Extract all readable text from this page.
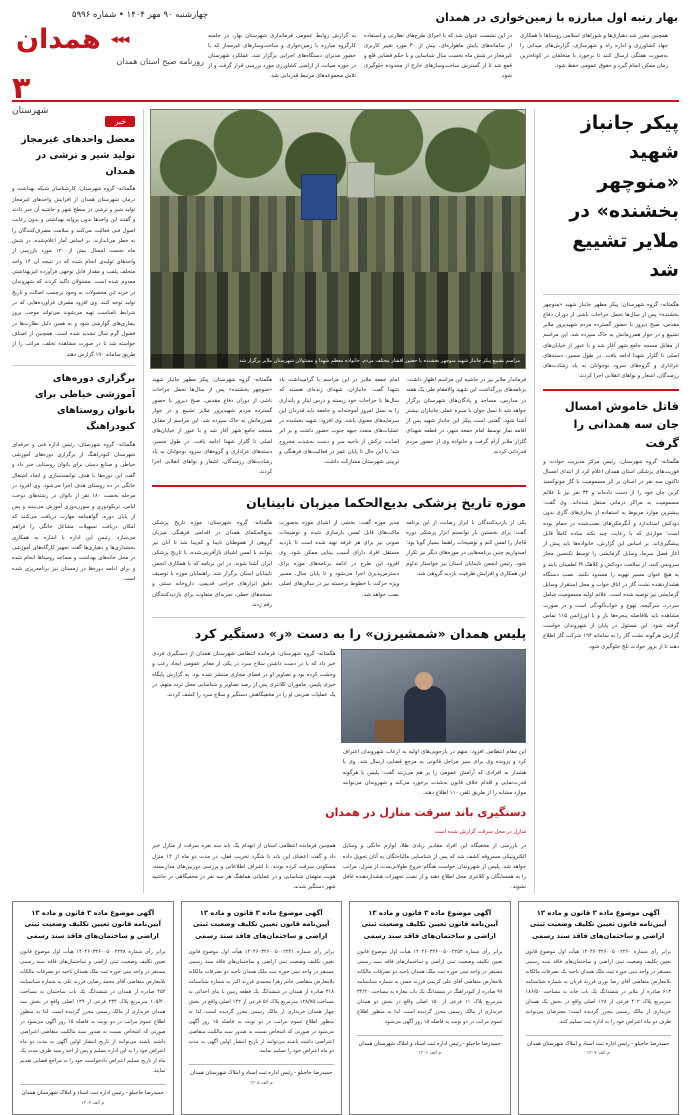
چهارشنبه ۹۰ مهر ۱۴۰۴ • شماره ۵۹۹۶
همدان	◀◀◀
روزنامه صبح استان همدان
۳
شهرستان
بهار رتبه اول مبارزه با زمین‌خواری در همدان
به گزارش روابط عمومی فرمانداری شهرستان بهار، در جلسه کارگروه مبارزه با زمین‌خواری و ساخت‌وسازهای غیرمجاز که با حضور مدیران دستگاه‌های اجرایی برگزار شد، عملکرد شهرستان در حوزه صیانت از اراضی کشاورزی مورد بررسی قرار گرفت و از تلاش مجموعه‌های مرتبط قدردانی شد.
در این نشست عنوان شد که با اجرای طرح‌های نظارتی و استفاده از سامانه‌های پایش ماهواره‌ای، بیش از ۳۰ مورد تغییر کاربری غیرمجاز در شش ماه نخست سال شناسایی و با حکم قضایی قلع و قمع شد تا از گسترش ساخت‌وسازهای خارج از محدوده جلوگیری شود.
همچنین مقرر شد دهیاری‌ها و شوراهای اسلامی روستاها با همکاری جهاد کشاورزی و اداره راه و شهرسازی، گزارش‌های میدانی را به‌صورت هفتگی ارسال کنند تا برخورد با متخلفان در کوتاه‌ترین زمان ممکن انجام گیرد و حقوق عمومی حفظ شود.
خبر
معضل واحدهای غیرمجاز تولید شیر و ترشی در همدان
هگمتانه- گروه شهرستان: کارشناسان شبکه بهداشت و درمان شهرستان همدان از افزایش واحدهای غیرمجاز تولید شیر و ترشی در سطح شهر و حاشیه آن خبر دادند و گفتند این واحدها بدون پروانه بهداشتی و بدون رعایت اصول فنی فعالیت می‌کنند و سلامت مصرف‌کنندگان را به خطر می‌اندازند. بر اساس آمار اعلام‌شده، در شش ماه نخست امسال بیش از ۱۲۰ مورد بازرسی از واحدهای تولیدی انجام شده که در نتیجه آن ۱۴ واحد متخلف پلمب و مقدار قابل توجهی فرآورده غیربهداشتی معدوم شده است. مسئولان تأکید کردند که شهروندان در خرید این محصولات به وجود برچسب اصالت و تاریخ تولید توجه کنند. وی افزود مصرف فرآورده‌هایی که در شرایط نامناسب تهیه می‌شوند می‌تواند موجب بروز بیماری‌های گوارشی شود و به همین دلیل نظارت‌ها در فصول گرم سال تشدید شده است. همچنین از اصناف خواسته شد تا در صورت مشاهده تخلف، مراتب را از طریق سامانه ۱۹۰ گزارش دهند.
برگزاری دوره‌های آموزشی خیاطی برای بانوان روستاهای کبودراهنگ
هگمتانه- گروه شهرستان: رئیس اداره فنی و حرفه‌ای شهرستان کبودراهنگ از برگزاری دوره‌های آموزشی خیاطی و صنایع دستی برای بانوان روستایی خبر داد و گفت این دوره‌ها با هدف توانمندسازی و ایجاد اشتغال خانگی در ده روستای هدف اجرا می‌شود. وی افزود در مرحله نخست ۱۸۰ نفر از بانوان در رشته‌های دوخت لباس، تریکو‌دوزی و سوزن‌دوزی آموزش می‌بینند و پس از پایان دوره، گواهینامه مهارت دریافت می‌کنند که امکان دریافت تسهیلات مشاغل خانگی را فراهم می‌سازد. رئیس این اداره با اشاره به همکاری بخشداری‌ها و دهیاری‌ها گفت تجهیز کارگاه‌های آموزشی در محل خانه‌های بهداشت و مساجد روستاها انجام شده و برای ادامه دوره‌ها در زمستان نیز برنامه‌ریزی شده است.
مراسم تشییع پیکر جانباز شهید منوچهر بخشنده با حضور اقشار مختلف مردم، خانواده معظم شهدا و مسئولان شهرستان ملایر برگزار شد
هگمتانه- گروه شهرستان: پیکر مطهر جانباز شهید «منوچهر بخشنده» پس از سال‌ها تحمل جراحات ناشی از دوران دفاع مقدس، صبح دیروز با حضور گسترده مردم شهیدپرور ملایر تشییع و در جوار همرزمانش به خاک سپرده شد. این مراسم از مقابل مسجد جامع شهر آغاز شد و با عبور از خیابان‌های اصلی تا گلزار شهدا ادامه یافت. در طول مسیر، دسته‌های عزاداری و گروه‌های سرود نوجوانان به یاد رشادت‌های رزمندگان، اشعار و نواهای انقلابی اجرا کردند.
امام جمعه ملایر در این مراسم با گرامیداشت یاد شهدا گفت: جانبازان، شهدای زنده‌ای هستند که سال‌ها با جراحات خود زیسته و درس ایثار و پایداری را به نسل امروز آموخته‌اند و جامعه باید قدردان این سرمایه‌های معنوی باشد. وی افزود: شهید بخشنده در عملیات‌های متعدد جبهه جنوب حضور داشت و بر اثر اصابت ترکش از ناحیه سر و دست به‌شدت مجروح شد؛ با این حال تا پایان عمر در فعالیت‌های فرهنگی و تربیتی شهرستان مشارکت داشت.
فرماندار ملایر نیز در حاشیه این مراسم اظهار داشت: برنامه‌های بزرگداشت این شهید والامقام طی یک هفته در مدارس، مساجد و پادگان‌های شهرستان برگزار خواهد شد تا نسل جوان با سیره عملی جانبازان بیشتر آشنا شود. گفتنی است پیکر این جانباز شهید پس از اقامه نماز توسط امام جمعه شهر، در قطعه شهدای گلزار ملایر آرام گرفت و خانواده وی از حضور مردم قدردانی کردند.
موزه تاریخ پزشکی بدیع‌الحکما میزبان نابینایان
هگمتانه- گروه شهرستان: موزه تاریخ پزشکی بدیع‌الحکمای همدان در اقدامی فرهنگی میزبان گروهی از هموطنان نابینا و کم‌بینا شد تا آنان نیز بتوانند با لمس اشیای بازآفرینی‌شده، با تاریخ پزشکی ایران آشنا شوند. در این برنامه که با همکاری انجمن نابینایان استان برگزار شد، راهنمایان موزه با توصیف دقیق ابزارهای جراحی قدیمی، داروخانه سنتی و نسخه‌های خطی، تجربه‌ای متفاوت برای بازدیدکنندگان رقم زدند.
مدیر موزه گفت: بخشی از اشیای موزه به‌صورت ماکت‌های قابل لمس بازسازی شده و توضیحات صوتی نیز برای هر غرفه تهیه شده است تا بازدید مستقل افراد دارای آسیب بینایی ممکن شود. وی افزود این طرح در ادامه برنامه‌های موزه برای دسترس‌پذیری اجرا می‌شود و تا پایان سال، مسیر ویژه حرکت با خطوط برجسته نیز در سالن‌های اصلی نصب خواهد شد.
یکی از بازدیدکنندگان با ابراز رضایت از این برنامه گفت: برای نخستین بار توانستم ابزار پزشکی دوره قاجار را لمس کنم و توضیحات راهنما بسیار گویا بود؛ امیدواریم چنین برنامه‌هایی در موزه‌های دیگر نیز تکرار شود. رئیس انجمن نابینایان استان نیز خواستار تداوم این همکاری و افزایش ظرفیت بازدید گروهی شد.
پلیس همدان «شمشیرزن» را به دست «ر» دستگیر کرد
هگمتانه- گروه شهرستان: فرمانده انتظامی شهرستان همدان از دستگیری فردی خبر داد که با در دست داشتن سلاح سرد در یکی از معابر عمومی ایجاد رعب و وحشت کرده بود و تصاویر او در فضای مجازی منتشر شده بود. به گزارش پایگاه خبری پلیس، مأموران کلانتری پس از رصد تصاویر و شناسایی محل تردد متهم، در یک عملیات ضربتی او را در مخفیگاهش دستگیر و سلاح سرد را کشف کردند.
این مقام انتظامی افزود: متهم در بازجویی‌های اولیه به ارعاب شهروندان اعتراف کرد و پرونده وی برای سیر مراحل قانونی به مرجع قضایی ارسال شد. وی با هشدار به افرادی که آرامش عمومی را بر هم می‌زنند گفت: پلیس با هرگونه قدرت‌نمایی و اقدام خلاف قانون به‌شدت برخورد می‌کند و شهروندان می‌توانند موارد مشابه را از طریق تلفن ۱۱۰ اطلاع دهند.
دستگیری باند سرقت منازل در همدان
منازل در محل سرقت گزارش شده است
همچنین فرمانده انتظامی استان از انهدام یک باند سه نفره سرقت از منازل خبر داد و گفت اعضای این باند با شگرد تخریب قفل، در مدت دو ماه از ۱۴ منزل مسکونی سرقت کرده بودند. با اشراف اطلاعاتی و بررسی دوربین‌های مداربسته، هویت متهمان شناسایی و در عملیاتی هماهنگ هر سه نفر در مخفیگاهی در حاشیه شهر دستگیر شدند.
در بازرسی از مخفیگاه این افراد مقادیر زیادی طلا، لوازم خانگی و وسایل الکترونیکی مسروقه کشف شد که پس از شناسایی مالباختگان به آنان تحویل داده خواهد شد. پلیس از شهروندان خواست هنگام خروج طولانی‌مدت از منزل، مراتب را به همسایگان و کلانتری محل اطلاع دهند و از نصب تجهیزات هشداردهنده غافل نشوند.
پیکر جانباز شهید «منوچهر بخشنده» در ملایر تشییع شد
هگمتانه- گروه شهرستان: پیکر مطهر جانباز شهید «منوچهر بخشنده» پس از سال‌ها تحمل جراحات ناشی از دوران دفاع مقدس، صبح دیروز با حضور گسترده مردم شهیدپرور ملایر تشییع و در جوار همرزمانش به خاک سپرده شد. این مراسم از مقابل مسجد جامع شهر آغاز شد و با عبور از خیابان‌های اصلی تا گلزار شهدا ادامه یافت. در طول مسیر، دسته‌های عزاداری و گروه‌های سرود نوجوانان به یاد رشادت‌های رزمندگان، اشعار و نواهای انقلابی اجرا کردند.
قاتل خاموش امسال جان سه همدانی را گرفت
هگمتانه- گروه شهرستان: رئیس مرکز مدیریت حوادث و فوریت‌های پزشکی استان همدان اعلام کرد از ابتدای امسال تاکنون سه نفر در استان بر اثر مسمومیت با گاز مونوکسید کربن جان خود را از دست داده‌اند و ۳۲ نفر نیز با علائم مسمومیت به مراکز درمانی منتقل شده‌اند. وی گفت: بیشترین موارد مربوط به استفاده از بخاری‌های گازی بدون دودکش استاندارد و آبگرمکن‌های نصب‌شده در حمام بوده است؛ مواردی که با رعایت چند نکته ساده کاملاً قابل پیشگیری‌اند. بر اساس این گزارش، خانواده‌ها باید پیش از آغاز فصل سرما، وسایل گرمایشی را توسط تکنسین مجاز سرویس کنند، از سلامت دودکش و کلاهک H اطمینان یابند و به هیچ عنوان مسیر تهویه را مسدود نکنند. نصب دستگاه هشداردهنده نشت گاز در اتاق خواب و محل استقرار وسایل گرمایشی نیز توصیه شده است. علائم اولیه مسمومیت شامل سردرد، سرگیجه، تهوع و خواب‌آلودگی است و در صورت مشاهده باید بلافاصله پنجره‌ها باز و با اورژانس ۱۱۵ تماس گرفته شود. این مسئول در پایان از شهروندان خواست گزارش هرگونه نشت گاز را به سامانه ۱۹۴ شرکت گاز اطلاع دهند تا از بروز حوادث تلخ جلوگیری شود.
آگهی موضوع ماده ۳ قانون و ماده ۱۳ آیین‌نامه قانون تعیین تکلیف وضعیت ثبتی اراضی و ساختمان‌های فاقد سند رسمی
برابر رأی شماره ۱۴۰۴۶۰۳۲۶۰۰۵۰۰۲۲۳۸ هیأت اول موضوع قانون تعیین تکلیف وضعیت ثبتی اراضی و ساختمان‌های فاقد سند رسمی مستقر در واحد ثبتی حوزه ثبت ملک همدان ناحیه دو تصرفات مالکانه بلامعارض متقاضی آقای محمد رضایی فرزند علی به شماره شناسنامه ۴۵۲ صادره از همدان در ششدانگ یک باب ساختمان به مساحت ۱۰۵/۴۰ مترمربع پلاک ۲۳۴ فرعی از ۱۳۹ اصلی واقع در بخش سه همدان خریداری از مالک رسمی محرز گردیده است. لذا به منظور اطلاع عموم مراتب در دو نوبت به فاصله ۱۵ روز آگهی می‌شود در صورتی که اشخاص نسبت به صدور سند مالکیت متقاضی اعتراضی داشته باشند می‌توانند از تاریخ انتشار اولین آگهی به مدت دو ماه اعتراض خود را به این اداره تسلیم و پس از اخذ رسید ظرف مدت یک ماه از تاریخ تسلیم اعتراض دادخواست خود را به مراجع قضایی تقدیم نمایند.
حمیدرضا حاجیلو - رئیس اداره ثبت اسناد و املاک شهرستان همدان
م الف ۱۲۰۴
آگهی موضوع ماده ۳ قانون و ماده ۱۳ آیین‌نامه قانون تعیین تکلیف وضعیت ثبتی اراضی و ساختمان‌های فاقد سند رسمی
برابر رأی شماره ۱۴۰۴۶۰۳۲۶۰۰۵۰۰۲۲۴۱ هیأت اول موضوع قانون تعیین تکلیف وضعیت ثبتی اراضی و ساختمان‌های فاقد سند رسمی مستقر در واحد ثبتی حوزه ثبت ملک همدان ناحیه دو تصرفات مالکانه بلامعارض متقاضی خانم زهرا محمدی فرزند اکبر به شماره شناسنامه ۳۱۸ صادره از همدان در ششدانگ یک قطعه زمین با بنای احداثی به مساحت ۱۲۸/۷۵ مترمربع پلاک ۵۶ فرعی از ۱۴۲ اصلی واقع در بخش چهار همدان خریداری از مالک رسمی محرز گردیده است. لذا به منظور اطلاع عموم مراتب در دو نوبت به فاصله ۱۵ روز آگهی می‌شود در صورتی که اشخاص نسبت به صدور سند مالکیت متقاضی اعتراضی داشته باشند می‌توانند از تاریخ انتشار اولین آگهی به مدت دو ماه اعتراض خود را تسلیم نمایند.
حمیدرضا حاجیلو - رئیس اداره ثبت اسناد و املاک شهرستان همدان
م الف ۱۲۰۵
آگهی موضوع ماده ۳ قانون و ماده ۱۳ آیین‌نامه قانون تعیین تکلیف وضعیت ثبتی اراضی و ساختمان‌های فاقد سند رسمی
برابر رأی شماره ۱۴۰۴۶۰۳۲۶۰۰۵۰۰۲۲۵۳ هیأت اول موضوع قانون تعیین تکلیف وضعیت ثبتی اراضی و ساختمان‌های فاقد سند رسمی مستقر در واحد ثبتی حوزه ثبت ملک همدان ناحیه دو تصرفات مالکانه بلامعارض متقاضی آقای علی کریمی فرزند حسن به شماره شناسنامه ۹۷ صادره از کبودراهنگ در ششدانگ یک باب مغازه به مساحت ۳۴/۲۰ مترمربع پلاک ۱۱ فرعی از ۱۵۰ اصلی واقع در بخش دو همدان خریداری از مالک رسمی محرز گردیده است. لذا به منظور اطلاع عموم مراتب در دو نوبت به فاصله ۱۵ روز آگهی می‌شود.
حمیدرضا حاجیلو - رئیس اداره ثبت اسناد و املاک شهرستان همدان
م الف ۱۲۰۶
آگهی موضوع ماده ۳ قانون و ماده ۱۳ آیین‌نامه قانون تعیین تکلیف وضعیت ثبتی اراضی و ساختمان‌های فاقد سند رسمی
برابر رأی شماره ۱۴۰۴۶۰۳۲۶۰۰۵۰۰۲۲۶۰ هیأت اول موضوع قانون تعیین تکلیف وضعیت ثبتی اراضی و ساختمان‌های فاقد سند رسمی مستقر در واحد ثبتی حوزه ثبت ملک همدان ناحیه یک تصرفات مالکانه بلامعارض متقاضی آقای رضا نوری فرزند قربان به شماره شناسنامه ۶۱۳ صادره از ملایر در ششدانگ یک باب خانه به مساحت ۱۸۶/۵۰ مترمربع پلاک ۴۰۲ فرعی از ۱۲۸ اصلی واقع در بخش یک همدان خریداری از مالک رسمی محرز گردیده است؛ معترضان می‌توانند ظرف دو ماه اعتراض خود را به اداره ثبت تسلیم کنند.
حمیدرضا حاجیلو - رئیس اداره ثبت اسناد و املاک شهرستان همدان
م الف ۱۲۰۷
